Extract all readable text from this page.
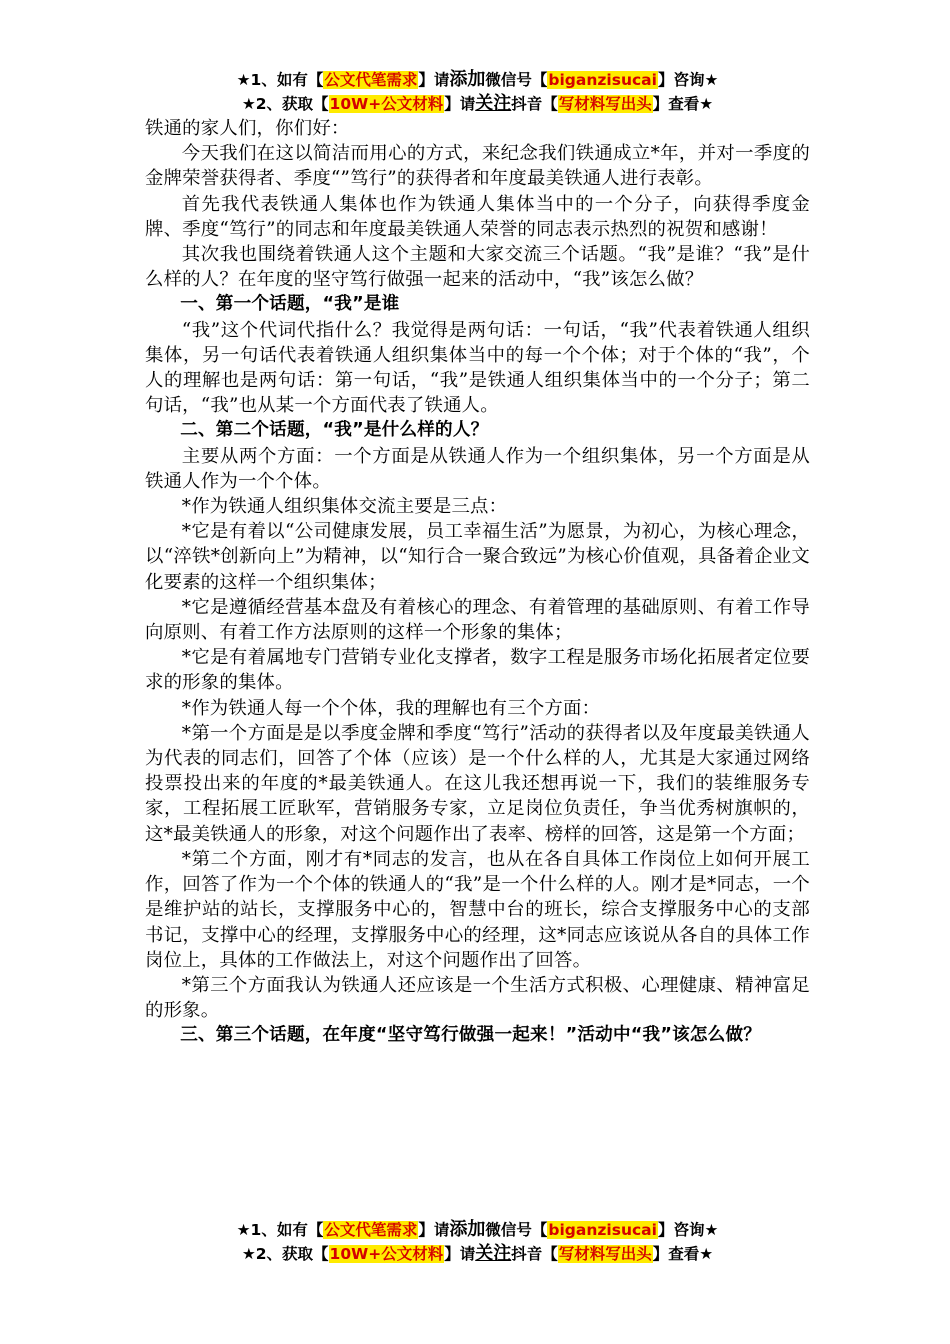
★1、如有【公文代笔需求】请添加微信号【biganzisucai】咨询★
★2、获取【10W+公文材料】请关注抖音【写材料写出头】查看★

铁通的家人们，你们好：

今天我们在这以简洁而用心的方式，来纪念我们铁通成立*年，并对一季度的金牌荣誉获得者、季度“”笃行”的获得者和年度最美铁通人进行表彰。

首先我代表铁通人集体也作为铁通人集体当中的一个分子，向获得季度金牌、季度“笃行”的同志和年度最美铁通人荣誉的同志表示热烈的祝贺和感谢！

其次我也围绕着铁通人这个主题和大家交流三个话题。“我”是谁？“我”是什么样的人？在年度的坚守笃行做强一起来的活动中，“我”该怎么做？

一、第一个话题，“我”是谁

“我”这个代词代指什么？我觉得是两句话：一句话，“我”代表着铁通人组织集体，另一句话代表着铁通人组织集体当中的每一个个体；对于个体的“我”，个人的理解也是两句话：第一句话，“我”是铁通人组织集体当中的一个分子；第二句话，“我”也从某一个方面代表了铁通人。

二、第二个话题，“我”是什么样的人？

主要从两个方面：一个方面是从铁通人作为一个组织集体，另一个方面是从铁通人作为一个个体。

*作为铁通人组织集体交流主要是三点：

*它是有着以“公司健康发展，员工幸福生活”为愿景，为初心，为核心理念，以“淬铁*创新向上”为精神，以“知行合一聚合致远”为核心价值观，具备着企业文化要素的这样一个组织集体；

*它是遵循经营基本盘及有着核心的理念、有着管理的基础原则、有着工作导向原则、有着工作方法原则的这样一个形象的集体；

*它是有着属地专门营销专业化支撑者，数字工程是服务市场化拓展者定位要求的形象的集体。

*作为铁通人每一个个体，我的理解也有三个方面：

*第一个方面是是以季度金牌和季度“笃行”活动的获得者以及年度最美铁通人为代表的同志们，回答了个体（应该）是一个什么样的人，尤其是大家通过网络投票投出来的年度的*最美铁通人。在这儿我还想再说一下，我们的装维服务专家，工程拓展工匠耿军，营销服务专家，立足岗位负责任，争当优秀树旗帜的，这*最美铁通人的形象，对这个问题作出了表率、榜样的回答，这是第一个方面；

*第二个方面，刚才有*同志的发言，也从在各自具体工作岗位上如何开展工作，回答了作为一个个体的铁通人的“我”是一个什么样的人。刚才是*同志，一个是维护站的站长，支撑服务中心的，智慧中台的班长，综合支撑服务中心的支部书记，支撑中心的经理，支撑服务中心的经理，这*同志应该说从各自的具体工作岗位上，具体的工作做法上，对这个问题作出了回答。

*第三个方面我认为铁通人还应该是一个生活方式积极、心理健康、精神富足的形象。

三、第三个话题，在年度“坚守笃行做强一起来！”活动中“我”该怎么做？

★1、如有【公文代笔需求】请添加微信号【biganzisucai】咨询★
★2、获取【10W+公文材料】请关注抖音【写材料写出头】查看★
